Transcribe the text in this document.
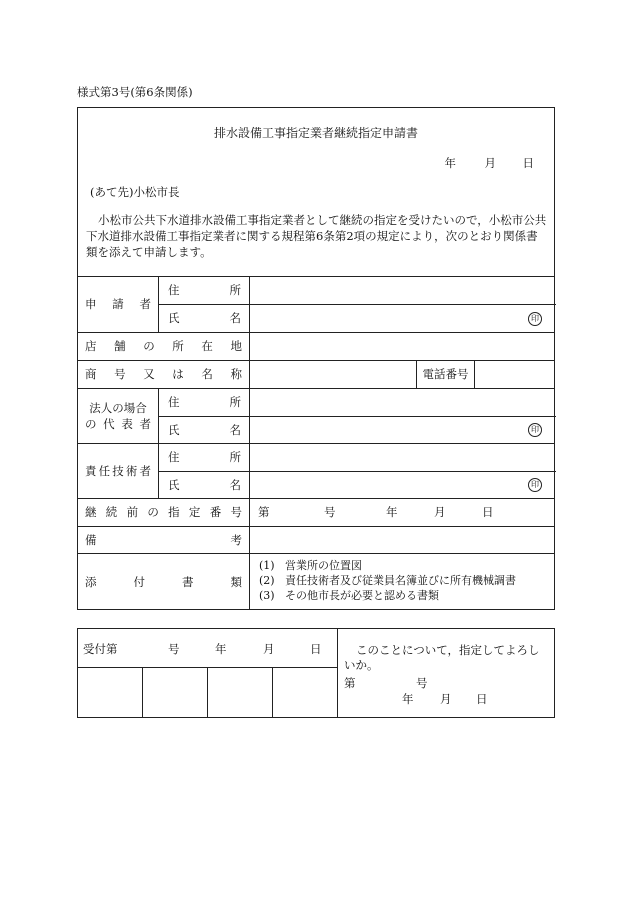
様式第3号(第6条関係)
排水設備工事指定業者継続指定申請書
年	月	日
(あて先)小松市長
小松市公共下水道排水設備工事指定業者として継続の指定を受けたいので，小松市公共下水道排水設備工事指定業者に関する規程第6条第2項の規定により，次のとおり関係書類を添えて申請します。
申 請 者
住	所
氏	名	印
店 舗 の 所 在 地
商 号 又 は 名 称	電話番号
法人の場合
の 代 表 者
住	所
氏	名	印
責 任 技 術 者
住	所
氏	名	印
継 続 前 の 指 定 番 号 第	号	年	月	日
備	考
添	付	書	類
(1) 営業所の位置図
(2) 責任技術者及び従業員名簿並びに所有機械調書
(3) その他市長が必要と認める書類
受付第	号	年	月	日	このことについて，指定してよろしいか。
第	号
年 月 日
